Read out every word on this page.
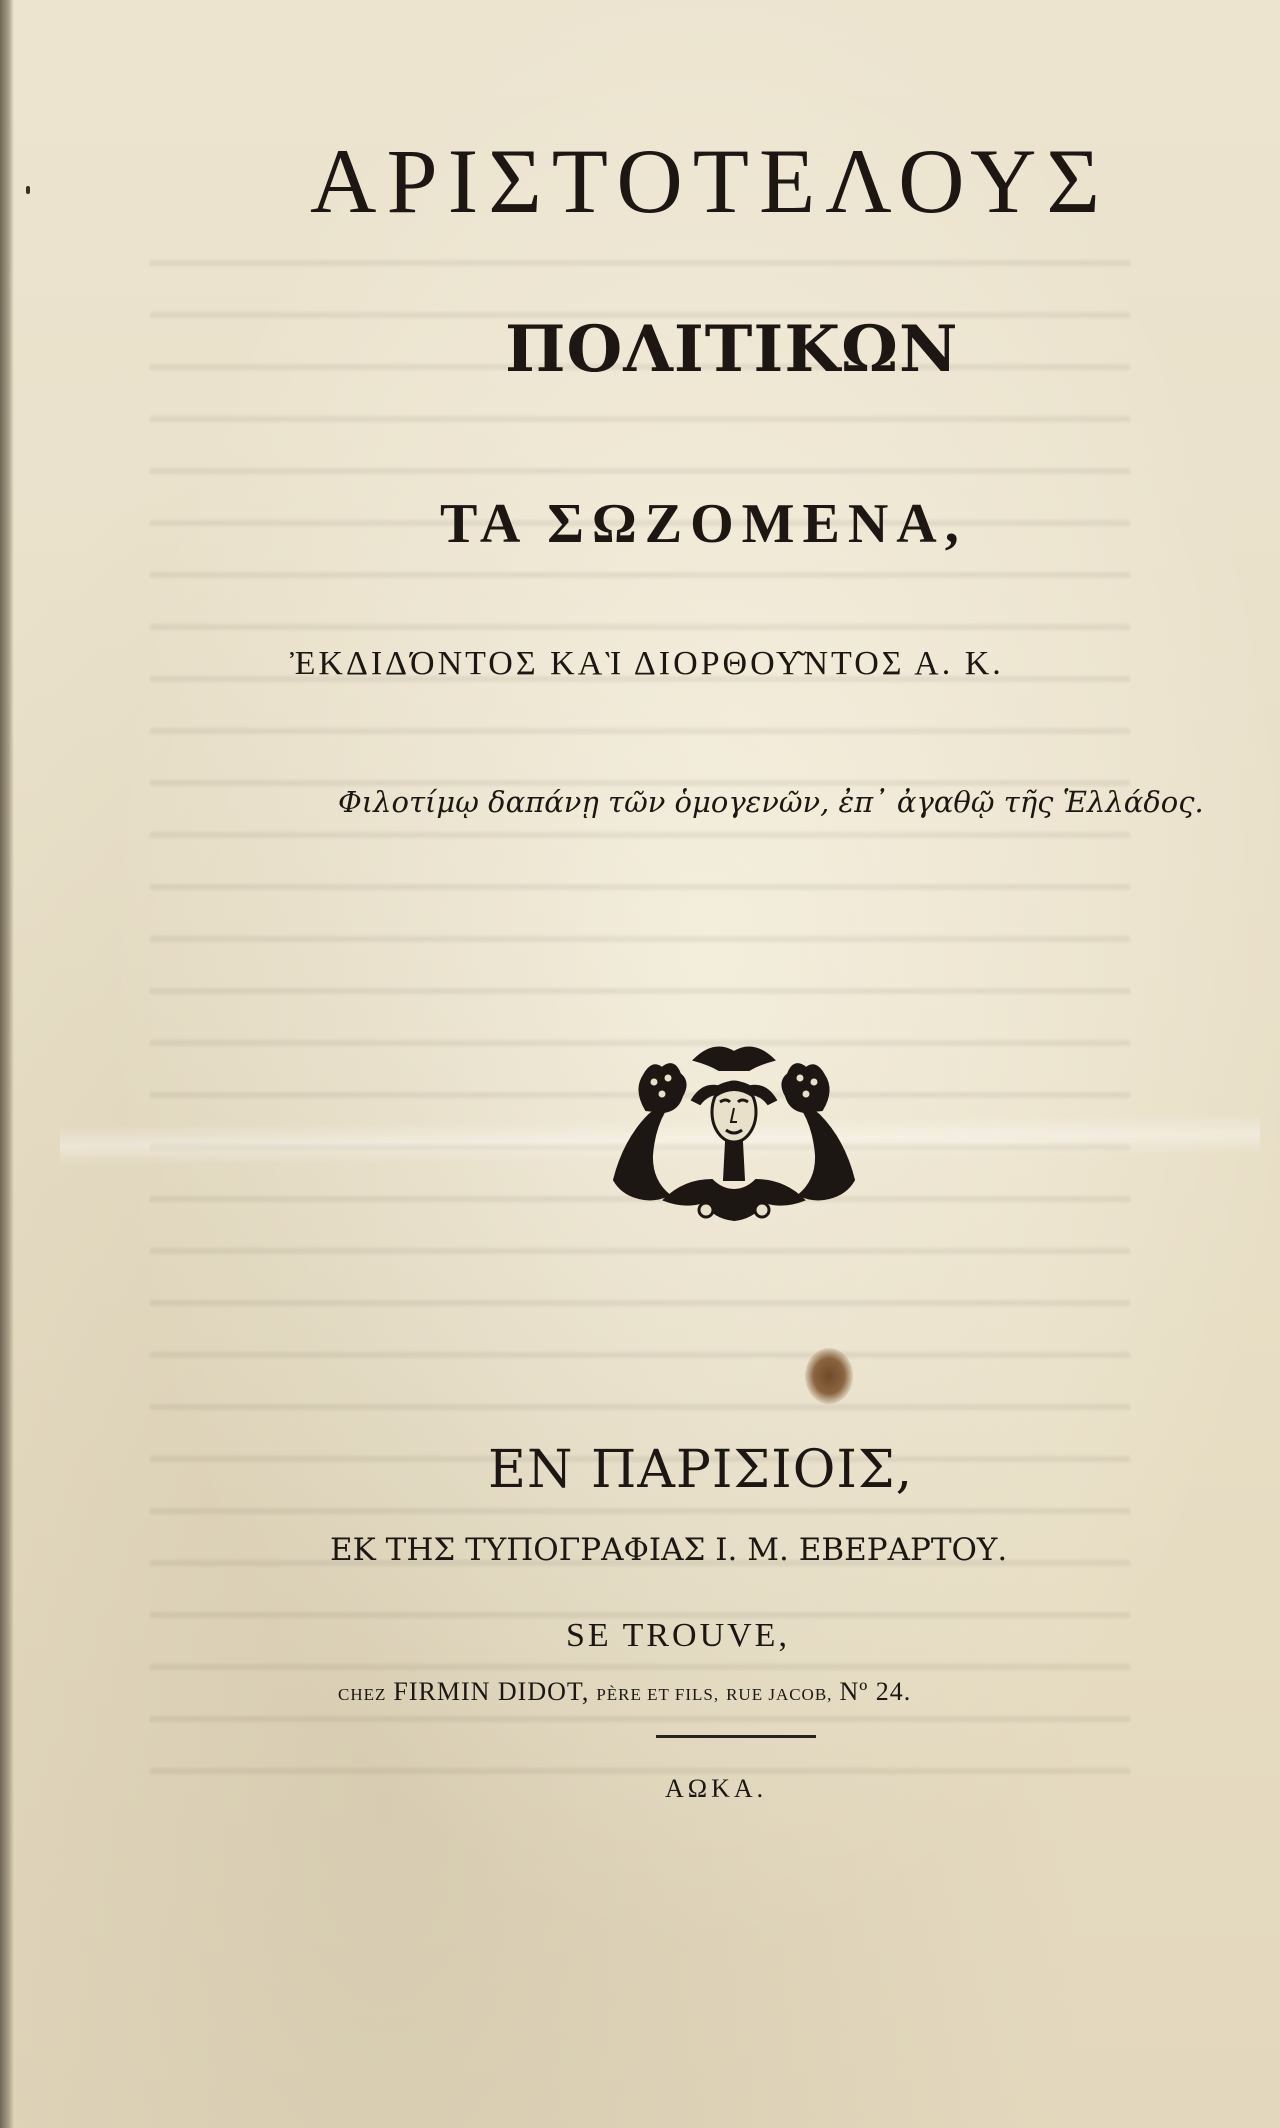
ΑΡΙΣΤΟΤΕΛΟΥΣ
ΠΟΛΙΤΙΚΩΝ
ΤΑ ΣΩΖΟΜΕΝΑ,

ἘΚΔΙΔΌΝΤΟΣ ΚΑῚ ΔΙΟΡΘΟΥ͂ΝΤΟΣ Α. Κ.

Φιλοτίμῳ δαπάνῃ τῶν ὁμογενῶν, ἐπ᾽ ἀγαθῷ τῆς Ἑλλάδος.

ΕΝ ΠΑΡΙΣΙΟΙΣ,

ΕΚ ΤΗΣ ΤΥΠΟΓΡΑΦΙΑΣ Ι. Μ. ΕΒΕΡΑΡΤΟΥ.

SE TROUVE,

CHEZ FIRMIN DIDOT, PÈRE ET FILS, RUE JACOB, Nº 24.

ΑΩΚΑ.
